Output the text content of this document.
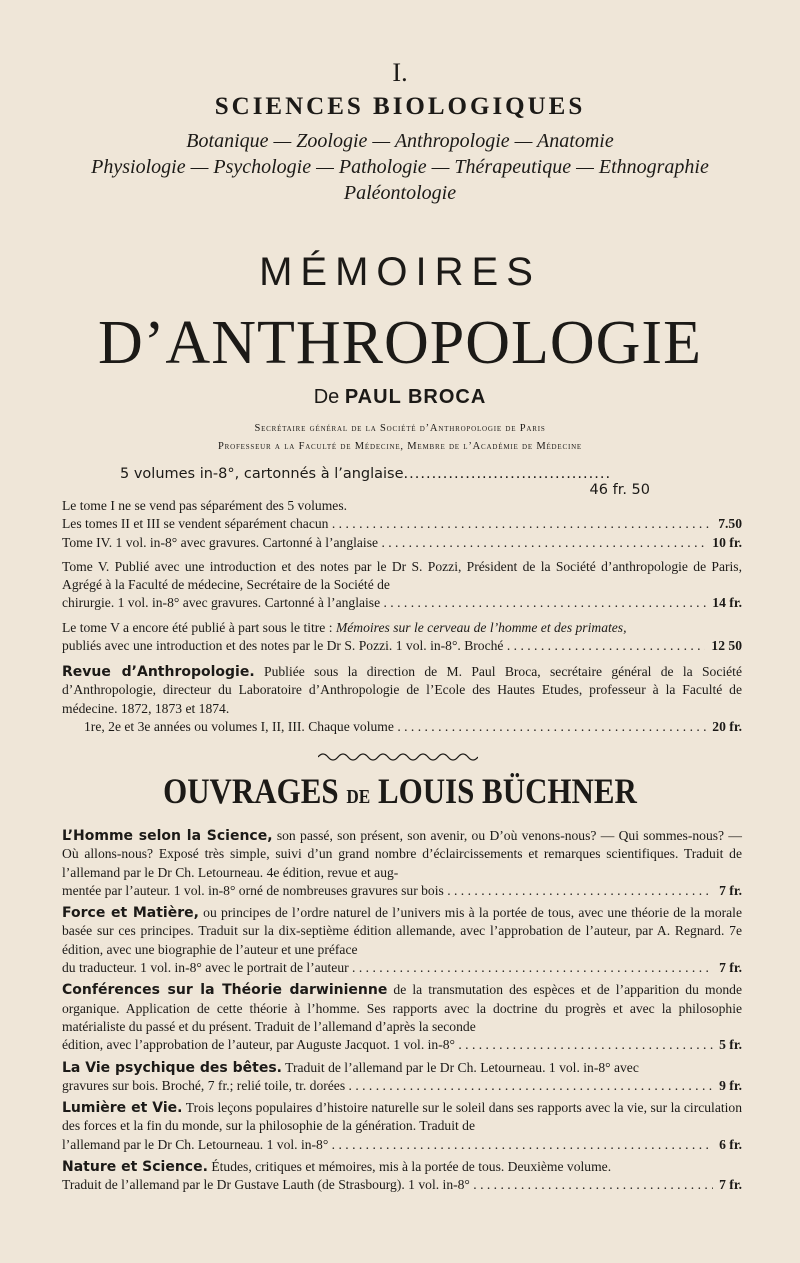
I.
SCIENCES BIOLOGIQUES
Botanique — Zoologie — Anthropologie — Anatomie
Physiologie — Psychologie — Pathologie — Thérapeutique — Ethnographie
Paléontologie
MÉMOIRES
D’ANTHROPOLOGIE
De PAUL BROCA
Secrétaire général de la Société d’Anthropologie de Paris
Professeur a la Faculté de Médecine, Membre de l’Académie de Médecine
5 volumes in-8°, cartonnés à l’anglaise.....................................
46 fr. 50
Le tome I ne se vend pas séparément des 5 volumes.
Les tomes II et III se vendent séparément chacun . . .	7.50
Tome IV. 1 vol. in-8° avec gravures. Cartonné à l’anglaise . . .	10 fr.
Tome V. Publié avec une introduction et des notes par le Dr S. Pozzi, Président de la Société d’anthropologie de Paris, Agrégé à la Faculté de médecine, Secrétaire de la Société de
chirurgie. 1 vol. in-8° avec gravures. Cartonné à l’anglaise . . .	14 fr.
Le tome V a encore été publié à part sous le titre : Mémoires sur le cerveau de l’homme et des primates,
publiés avec une introduction et des notes par le Dr S. Pozzi. 1 vol. in-8°. Broché . . .	12 50
Revue d’Anthropologie. Publiée sous la direction de M. Paul Broca, secrétaire général de la Société d’Anthropologie, directeur du Laboratoire d’Anthropologie de l’Ecole des Hautes Etudes, professeur à la Faculté de médecine. 1872, 1873 et 1874.
1re, 2e et 3e années ou volumes I, II, III. Chaque volume . . .	20 fr.
OUVRAGES DE LOUIS BÜCHNER
L’Homme selon la Science, son passé, son présent, son avenir, ou D’où venons-nous? — Qui sommes-nous? — Où allons-nous? Exposé très simple, suivi d’un grand nombre d’éclaircissements et remarques scientifiques. Traduit de l’allemand par le Dr Ch. Letourneau. 4e édition, revue et aug-
mentée par l’auteur. 1 vol. in-8° orné de nombreuses gravures sur bois . . .	7 fr.
Force et Matière, ou principes de l’ordre naturel de l’univers mis à la portée de tous, avec une théorie de la morale basée sur ces principes. Traduit sur la dix-septième édition allemande, avec l’approbation de l’auteur, par A. Regnard. 7e édition, avec une biographie de l’auteur et une préface
du traducteur. 1 vol. in-8° avec le portrait de l’auteur . . .	7 fr.
Conférences sur la Théorie darwinienne de la transmutation des espèces et de l’apparition du monde organique. Application de cette théorie à l’homme. Ses rapports avec la doctrine du progrès et avec la philosophie matérialiste du passé et du présent. Traduit de l’allemand d’après la seconde
édition, avec l’approbation de l’auteur, par Auguste Jacquot. 1 vol. in-8° . . .	5 fr.
La Vie psychique des bêtes. Traduit de l’allemand par le Dr Ch. Letourneau. 1 vol. in-8° avec
gravures sur bois. Broché, 7 fr.; relié toile, tr. dorées . . .	9 fr.
Lumière et Vie. Trois leçons populaires d’histoire naturelle sur le soleil dans ses rapports avec la vie, sur la circulation des forces et la fin du monde, sur la philosophie de la génération. Traduit de
l’allemand par le Dr Ch. Letourneau. 1 vol. in-8° . . .	6 fr.
Nature et Science. Études, critiques et mémoires, mis à la portée de tous. Deuxième volume.
Traduit de l’allemand par le Dr Gustave Lauth (de Strasbourg). 1 vol. in-8° . . .	7 fr.
